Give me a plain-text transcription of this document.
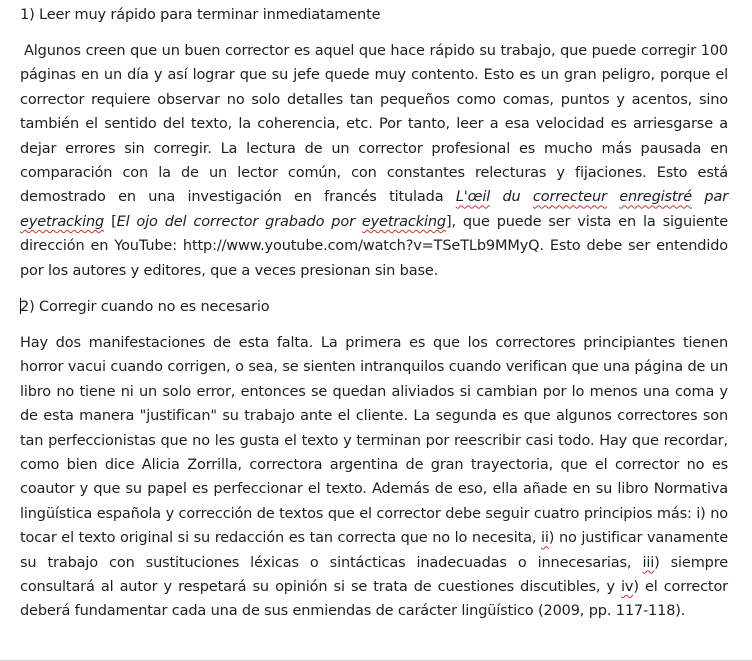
1) Leer muy rápido para terminar inmediatamente

Algunos creen que un buen corrector es aquel que hace rápido su trabajo, que puede corregir 100 páginas en un día y así lograr que su jefe quede muy contento. Esto es un gran peligro, porque el corrector requiere observar no solo detalles tan pequeños como comas, puntos y acentos, sino también el sentido del texto, la coherencia, etc. Por tanto, leer a esa velocidad es arriesgarse a dejar errores sin corregir. La lectura de un corrector profesional es mucho más pausada en comparación con la de un lector común, con constantes relecturas y fijaciones. Esto está demostrado en una investigación en francés titulada L'œil du correcteur enregistré par eyetracking [El ojo del corrector grabado por eyetracking], que puede ser vista en la siguiente dirección en YouTube: http://www.youtube.com/watch?v=TSeTLb9MMyQ. Esto debe ser entendido por los autores y editores, que a veces presionan sin base.

2) Corregir cuando no es necesario

Hay dos manifestaciones de esta falta. La primera es que los correctores principiantes tienen horror vacui cuando corrigen, o sea, se sienten intranquilos cuando verifican que una página de un libro no tiene ni un solo error, entonces se quedan aliviados si cambian por lo menos una coma y de esta manera "justifican" su trabajo ante el cliente. La segunda es que algunos correctores son tan perfeccionistas que no les gusta el texto y terminan por reescribir casi todo. Hay que recordar, como bien dice Alicia Zorrilla, correctora argentina de gran trayectoria, que el corrector no es coautor y que su papel es perfeccionar el texto. Además de eso, ella añade en su libro Normativa lingüística española y corrección de textos que el corrector debe seguir cuatro principios más: i) no tocar el texto original si su redacción es tan correcta que no lo necesita, ii) no justificar vanamente su trabajo con sustituciones léxicas o sintácticas inadecuadas o innecesarias, iii) siempre consultará al autor y respetará su opinión si se trata de cuestiones discutibles, y iv) el corrector deberá fundamentar cada una de sus enmiendas de carácter lingüístico (2009, pp. 117-118).
